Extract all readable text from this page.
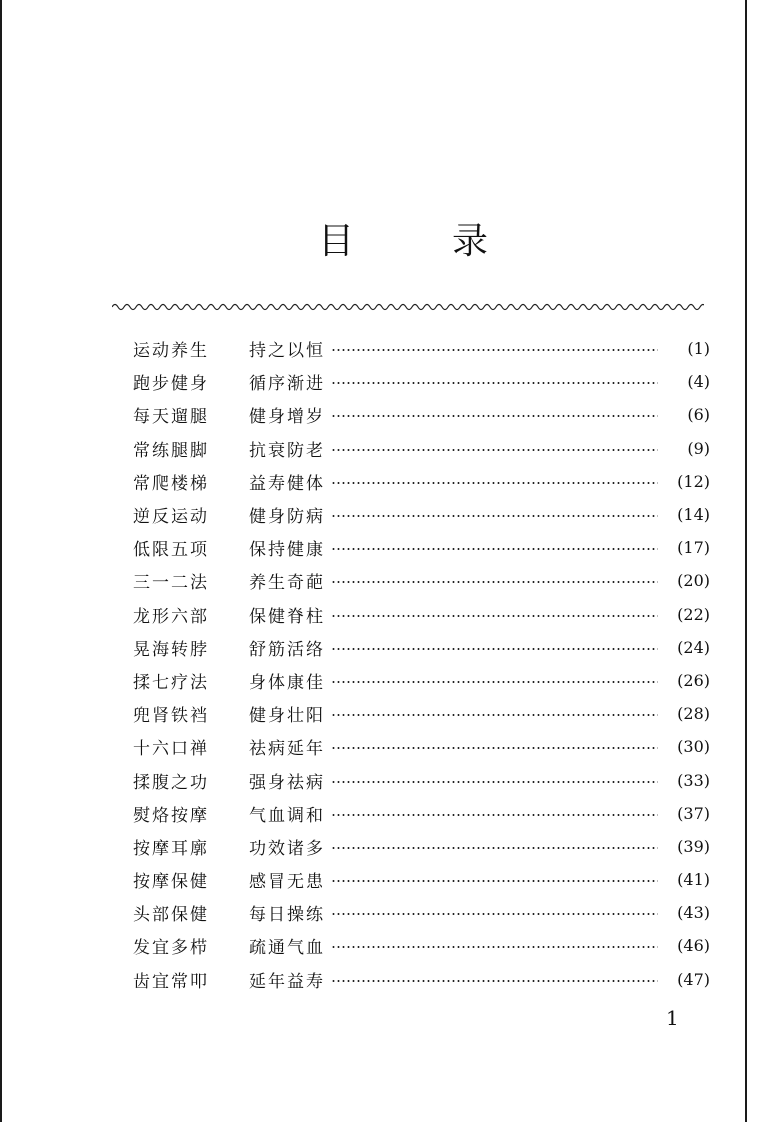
目	录
运动养生	持之以恒	(1)
跑步健身	循序渐进	(4)
每天遛腿	健身增岁	(6)
常练腿脚	抗衰防老	(9)
常爬楼梯	益寿健体	(12)
逆反运动	健身防病	(14)
低限五项	保持健康	(17)
三一二法	养生奇葩	(20)
龙形六部	保健脊柱	(22)
晃海转脖	舒筋活络	(24)
揉七疗法	身体康佳	(26)
兜肾铁裆	健身壮阳	(28)
十六口禅	祛病延年	(30)
揉腹之功	强身祛病	(33)
熨烙按摩	气血调和	(37)
按摩耳廓	功效诸多	(39)
按摩保健	感冒无患	(41)
头部保健	每日操练	(43)
发宜多栉	疏通气血	(46)
齿宜常叩	延年益寿	(47)
1
